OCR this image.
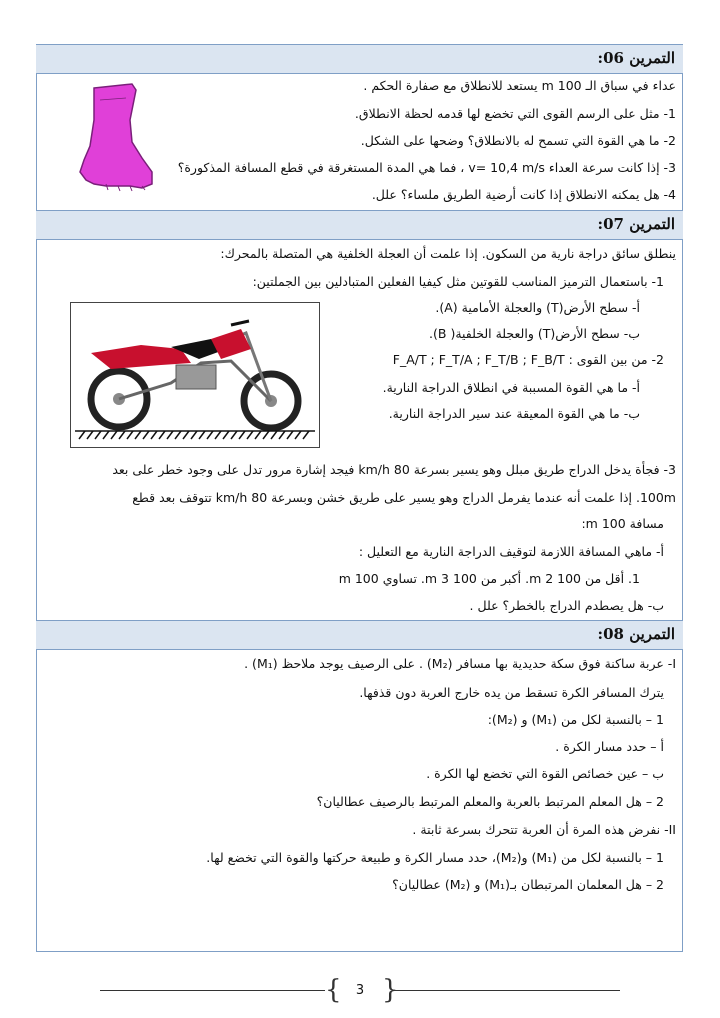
التمرين 06:
عداء في سباق الـ 100 m يستعد للانطلاق مع صفارة الحكم .
1- مثل على الرسم القوى التي تخضع لها قدمه لحظة الانطلاق.
2- ما هي القوة التي تسمح له بالانطلاق؟ وضحها على الشكل.
3- إذا كانت سرعة العداء v= 10,4 m/s ، فما هي المدة المستغرقة في قطع المسافة المذكورة؟
4- هل يمكنه الانطلاق إذا كانت أرضية الطريق ملساء؟ علل.
التمرين 07:
ينطلق سائق دراجة نارية من السكون. إذا علمت أن العجلة الخلفية هي المتصلة بالمحرك:
1- باستعمال الترميز المناسب للقوتين مثل كيفيا الفعلين المتبادلين بين الجملتين:
أ- سطح الأرض(T) والعجلة الأمامية (A).
ب- سطح الأرض(T) والعجلة الخلفية( B).
2- من بين القوى : F_A/T ; F_T/A ; F_T/B ; F_B/T
أ- ما هي القوة المسببة في انطلاق الدراجة النارية.
ب- ما هي القوة المعيقة عند سير الدراجة النارية.
3- فجأة يدخل الدراج طريق مبلل وهو يسير بسرعة 80 km/h فيجد إشارة مرور تدل على وجود خطر على بعد
100m. إذا علمت أنه عندما يفرمل الدراج وهو يسير على طريق خشن وبسرعة 80 km/h تتوقف بعد قطع
مسافة 100 m:
أ- ماهي المسافة اللازمة لتوقيف الدراجة النارية مع التعليل :
1. أقل من 100 m 2. أكبر من 100 m 3. تساوي 100 m
ب- هل يصطدم الدراج بالخطر؟ علل .
التمرين 08:
I- عربة ساكنة فوق سكة حديدية بها مسافر (M₂) . على الرصيف يوجد ملاحظ (M₁) .
يترك المسافر الكرة تسقط من يده خارج العربة دون قذفها.
1 – بالنسبة لكل من (M₁) و (M₂):
أ – حدد مسار الكرة .
ب – عين خصائص القوة التي تخضع لها الكرة .
2 – هل المعلم المرتبط بالعربة والمعلم المرتبط بالرصيف عطاليان؟
II- نفرض هذه المرة أن العربة تتحرك بسرعة ثابتة .
1 – بالنسبة لكل من (M₁) و(M₂)، حدد مسار الكرة و طبيعة حركتها والقوة التي تخضع لها.
2 – هل المعلمان المرتبطان بـ(M₁) و (M₂) عطاليان؟
{ }
3
